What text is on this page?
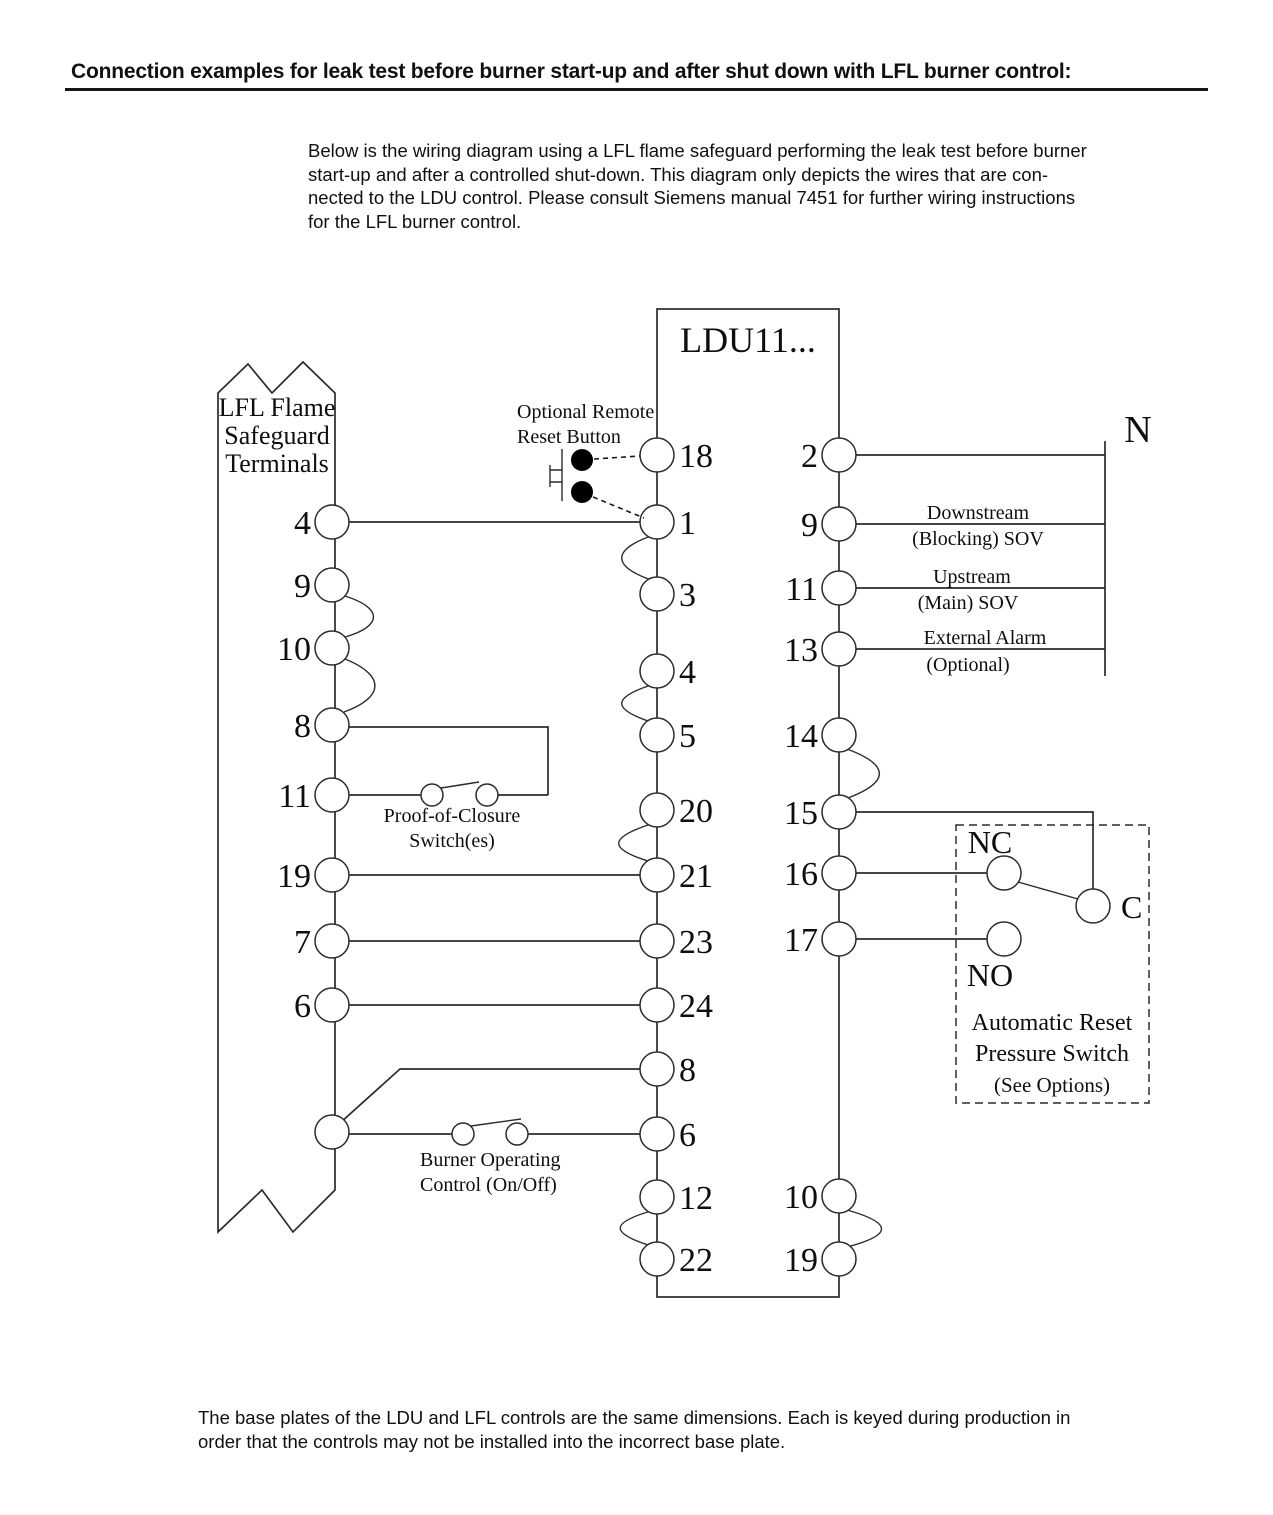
Connection examples for leak test before burner start-up and after shut down with LFL burner control:
Below is the wiring diagram using a LFL flame safeguard performing the leak test before burner
start-up and after a controlled shut-down. This diagram only depicts the wires that are con-
nected to the LDU control. Please consult Siemens manual 7451 for further wiring instructions
for the LFL burner control.
4
9
10
8
11
19
7
6
18
1
3
4
5
20
21
23
24
8
6
12
22
2
9
11
13
14
15
16
17
10
19
LDU11...
LFL Flame
Safeguard
Terminals
Optional Remote
Reset Button
Proof-of-Closure
Switch(es)
Burner Operating
Control (On/Off)
N
Downstream
(Blocking) SOV
Upstream
(Main) SOV
External Alarm
(Optional)
NC
NO
C
Automatic Reset
Pressure Switch
(See Options)
The base plates of the LDU and LFL controls are the same dimensions. Each is keyed during production in
order that the controls may not be installed into the incorrect base plate.
